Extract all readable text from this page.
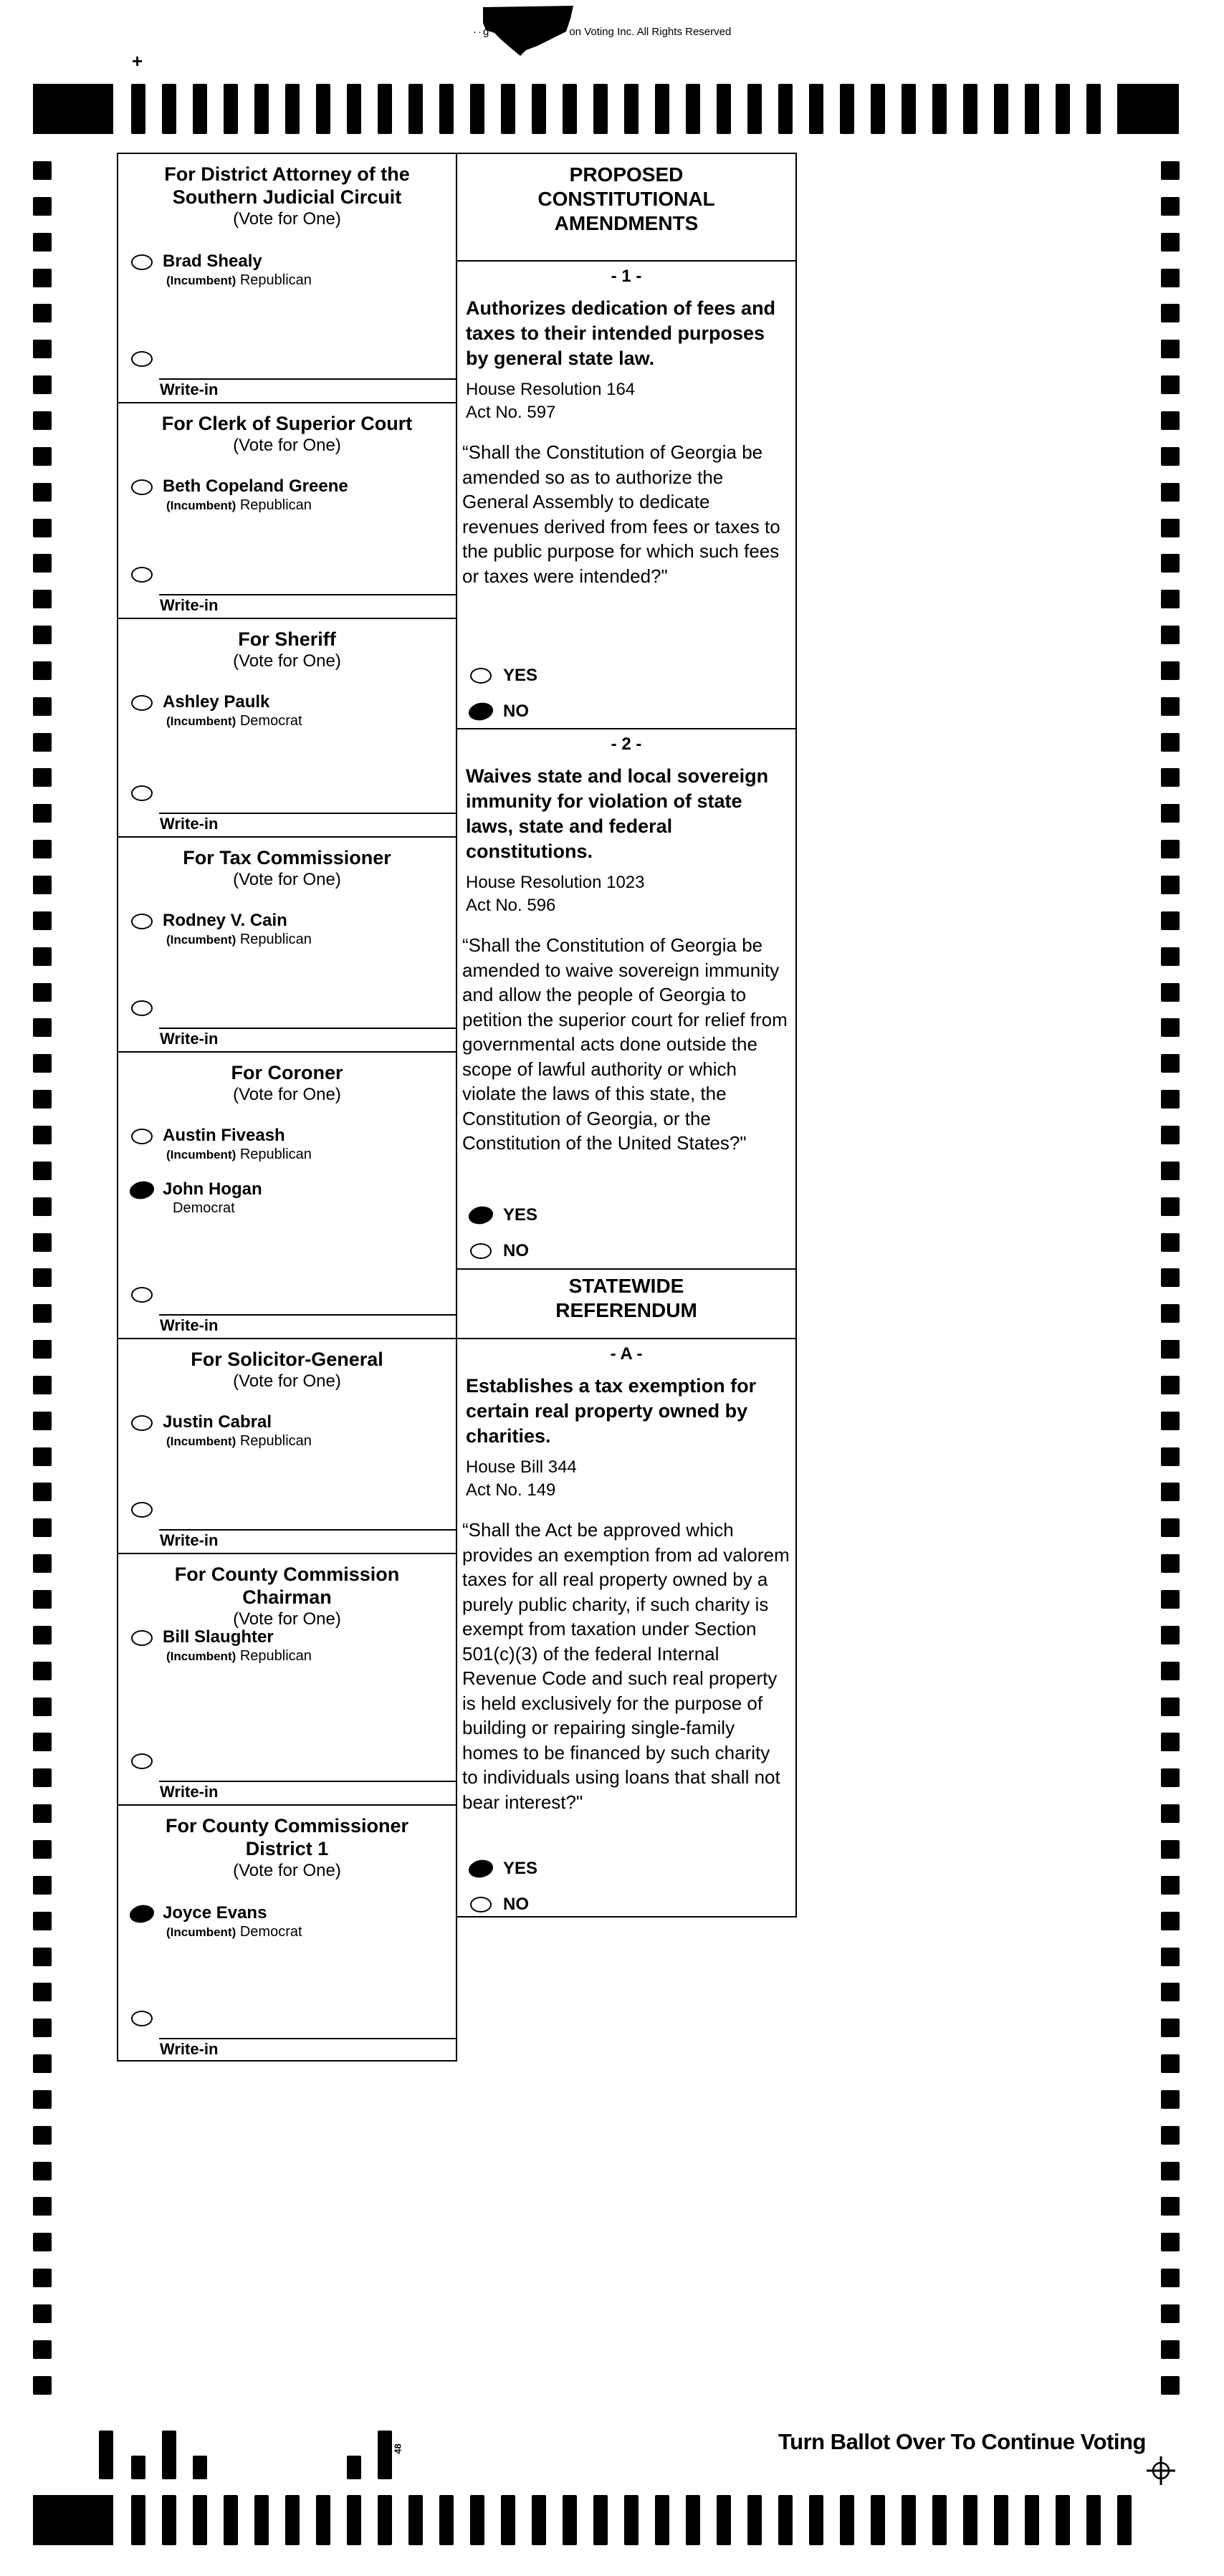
··g	on Voting Inc. All Rights Reserved
+
For District Attorney of the Southern Judicial Circuit
(Vote for One)
Brad Shealy
(Incumbent) Republican
Write-in
For Clerk of Superior Court
(Vote for One)
Beth Copeland Greene
(Incumbent) Republican
Write-in
For Sheriff
(Vote for One)
Ashley Paulk
(Incumbent) Democrat
Write-in
For Tax Commissioner
(Vote for One)
Rodney V. Cain
(Incumbent) Republican
Write-in
For Coroner
(Vote for One)
Austin Fiveash
(Incumbent) Republican
John Hogan
Democrat
Write-in
For Solicitor-General
(Vote for One)
Justin Cabral
(Incumbent) Republican
Write-in
For County Commission Chairman
(Vote for One)
Bill Slaughter
(Incumbent) Republican
Write-in
For County Commissioner District 1
(Vote for One)
Joyce Evans
(Incumbent) Democrat
Write-in
PROPOSED CONSTITUTIONAL AMENDMENTS
- 1 -
Authorizes dedication of fees and taxes to their intended purposes by general state law.
House Resolution 164
Act No. 597
“Shall the Constitution of Georgia be amended so as to authorize the General Assembly to dedicate revenues derived from fees or taxes to the public purpose for which such fees or taxes were intended?"
YES
NO
- 2 -
Waives state and local sovereign immunity for violation of state laws, state and federal constitutions.
House Resolution 1023
Act No. 596
“Shall the Constitution of Georgia be amended to waive sovereign immunity and allow the people of Georgia to petition the superior court for relief from governmental acts done outside the scope of lawful authority or which violate the laws of this state, the Constitution of Georgia, or the Constitution of the United States?"
YES
NO
STATEWIDE REFERENDUM
- A -
Establishes a tax exemption for certain real property owned by charities.
House Bill 344
Act No. 149
“Shall the Act be approved which provides an exemption from ad valorem taxes for all real property owned by a purely public charity, if such charity is exempt from taxation under Section 501(c)(3) of the federal Internal Revenue Code and such real property is held exclusively for the purpose of building or repairing single-family homes to be financed by such charity to individuals using loans that shall not bear interest?"
YES
NO
48	Turn Ballot Over To Continue Voting
